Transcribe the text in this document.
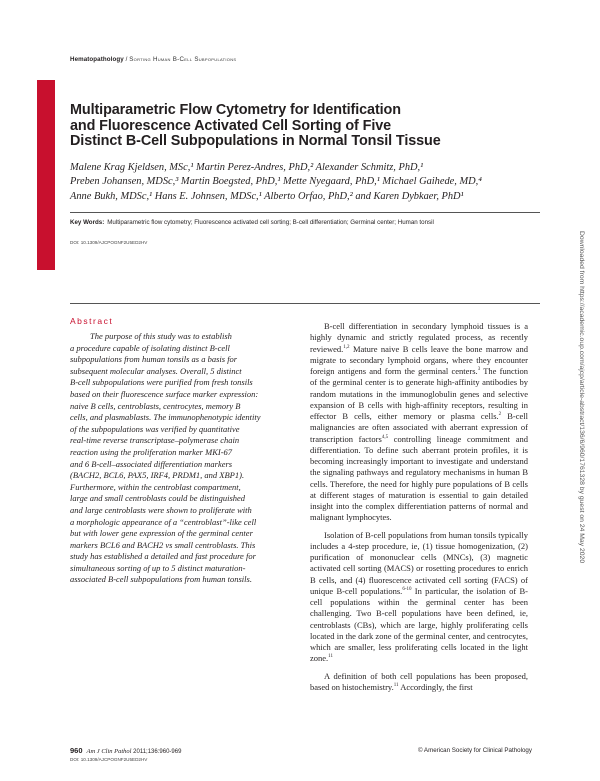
Hematopathology / Sorting Human B-Cell Subpopulations
Multiparametric Flow Cytometry for Identification
and Fluorescence Activated Cell Sorting of Five
Distinct B-Cell Subpopulations in Normal Tonsil Tissue
Malene Krag Kjeldsen, MSc,¹ Martin Perez-Andres, PhD,² Alexander Schmitz, PhD,¹
Preben Johansen, MDSc,³ Martin Boegsted, PhD,¹ Mette Nyegaard, PhD,¹ Michael Gaihede, MD,⁴
Anne Bukh, MDSc,¹ Hans E. Johnsen, MDSc,¹ Alberto Orfao, PhD,² and Karen Dybkaer, PhD¹
Key Words: Multiparametric flow cytometry; Fluorescence activated cell sorting; B-cell differentiation; Germinal center; Human tonsil
DOI: 10.1309/AJCPOGNF2U5ED2HV
Abstract
The purpose of this study was to establish
a procedure capable of isolating distinct B-cell
subpopulations from human tonsils as a basis for
subsequent molecular analyses. Overall, 5 distinct
B-cell subpopulations were purified from fresh tonsils
based on their fluorescence surface marker expression:
naive B cells, centroblasts, centrocytes, memory B
cells, and plasmablasts. The immunophenotypic identity
of the subpopulations was verified by quantitative
real-time reverse transcriptase–polymerase chain
reaction using the proliferation marker MKI-67
and 6 B-cell–associated differentiation markers
(BACH2, BCL6, PAX5, IRF4, PRDM1, and XBP1).
Furthermore, within the centroblast compartment,
large and small centroblasts could be distinguished
and large centroblasts were shown to proliferate with
a morphologic appearance of a “centroblast”-like cell
but with lower gene expression of the germinal center
markers BCL6 and BACH2 vs small centroblasts. This
study has established a detailed and fast procedure for
simultaneous sorting of up to 5 distinct maturation-
associated B-cell subpopulations from human tonsils.

B-cell differentiation in secondary lymphoid tissues is a highly dynamic and strictly regulated process, as recently reviewed.$^{1,2}$ Mature naive B cells leave the bone marrow and migrate to secondary lymphoid organs, where they encounter foreign antigens and form the germinal centers.$^3$ The function of the germinal center is to generate high-affinity antibodies by random mutations in the immunoglobulin genes and selective expansion of B cells with high-affinity receptors, resulting in effector B cells, either memory or plasma cells.$^2$ B-cell malignancies are often associated with aberrant expression of transcription factors$^{4,5}$ controlling lineage commitment and differentiation. To define such aberrant protein profiles, it is becoming increasingly important to investigate and understand the signaling pathways and regulatory mechanisms in human B cells. Therefore, the need for highly pure populations of B cells at different stages of maturation is essential to gain detailed insight into the complex differentiation patterns of normal and malignant lymphocytes.

Isolation of B-cell populations from human tonsils typically includes a 4-step procedure, ie, (1) tissue homogenization, (2) purification of mononuclear cells (MNCs), (3) magnetic activated cell sorting (MACS) or rosetting procedures to enrich B cells, and (4) fluorescence activated cell sorting (FACS) of unique B-cell populations.$^{6-10}$ In particular, the isolation of B-cell populations within the germinal center has been challenging. Two B-cell populations have been defined, ie, centroblasts (CBs), which are large, highly proliferating cells located in the dark zone of the germinal center, and centrocytes, which are smaller, less proliferating cells located in the light zone.$^{11}$

A definition of both cell populations has been proposed, based on histochemistry.$^{11}$ Accordingly, the first

960 Am J Clin Pathol 2011;136:960-969
DOI: 10.1309/AJCPOGNF2U5ED2HV
© American Society for Clinical Pathology
Downloaded from https://academic.oup.com/ajcp/article-abstract/136/6/960/1761328 by guest on 24 May 2020
